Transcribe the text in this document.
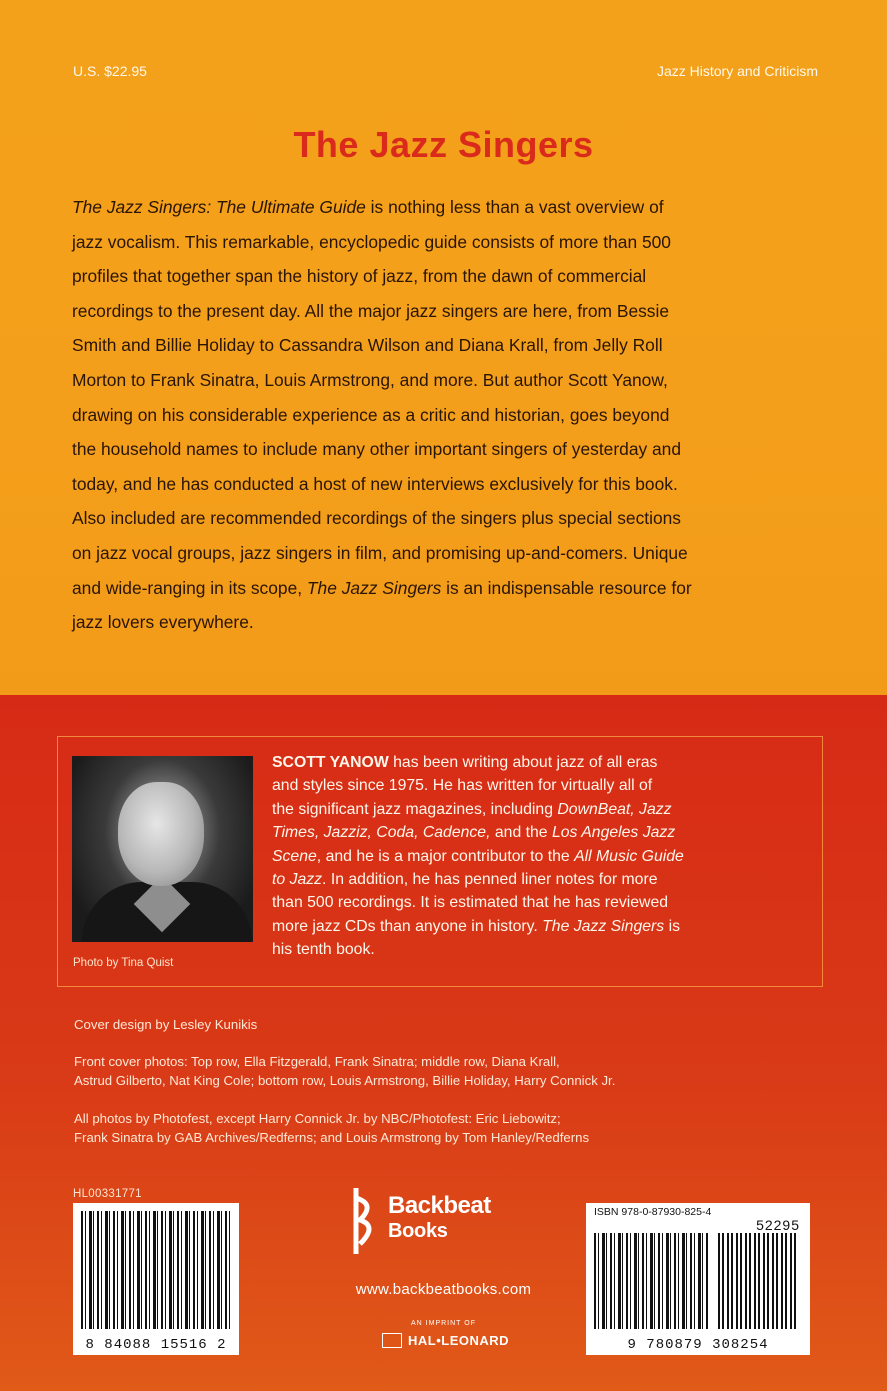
U.S. $22.95	Jazz History and Criticism
The Jazz Singers
The Jazz Singers: The Ultimate Guide is nothing less than a vast overview of
jazz vocalism. This remarkable, encyclopedic guide consists of more than 500
profiles that together span the history of jazz, from the dawn of commercial
recordings to the present day. All the major jazz singers are here, from Bessie
Smith and Billie Holiday to Cassandra Wilson and Diana Krall, from Jelly Roll
Morton to Frank Sinatra, Louis Armstrong, and more. But author Scott Yanow,
drawing on his considerable experience as a critic and historian, goes beyond
the household names to include many other important singers of yesterday and
today, and he has conducted a host of new interviews exclusively for this book.
Also included are recommended recordings of the singers plus special sections
on jazz vocal groups, jazz singers in film, and promising up-and-comers. Unique
and wide-ranging in its scope, The Jazz Singers is an indispensable resource for
jazz lovers everywhere.
Photo by Tina Quist
SCOTT YANOW has been writing about jazz of all eras
and styles since 1975. He has written for virtually all of
the significant jazz magazines, including DownBeat, Jazz
Times, Jazziz, Coda, Cadence, and the Los Angeles Jazz
Scene, and he is a major contributor to the All Music Guide
to Jazz. In addition, he has penned liner notes for more
than 500 recordings. It is estimated that he has reviewed
more jazz CDs than anyone in history. The Jazz Singers is
his tenth book.
Cover design by Lesley Kunikis
Front cover photos: Top row, Ella Fitzgerald, Frank Sinatra; middle row, Diana Krall,
Astrud Gilberto, Nat King Cole; bottom row, Louis Armstrong, Billie Holiday, Harry Connick Jr.
All photos by Photofest, except Harry Connick Jr. by NBC/Photofest: Eric Liebowitz;
Frank Sinatra by GAB Archives/Redferns; and Louis Armstrong by Tom Hanley/Redferns
HL00331771
8 84088 15516 2
Backbeat
Books
www.backbeatbooks.com
AN IMPRINT OF
HAL•LEONARD
ISBN 978-0-87930-825-4
52295
9 780879 308254
